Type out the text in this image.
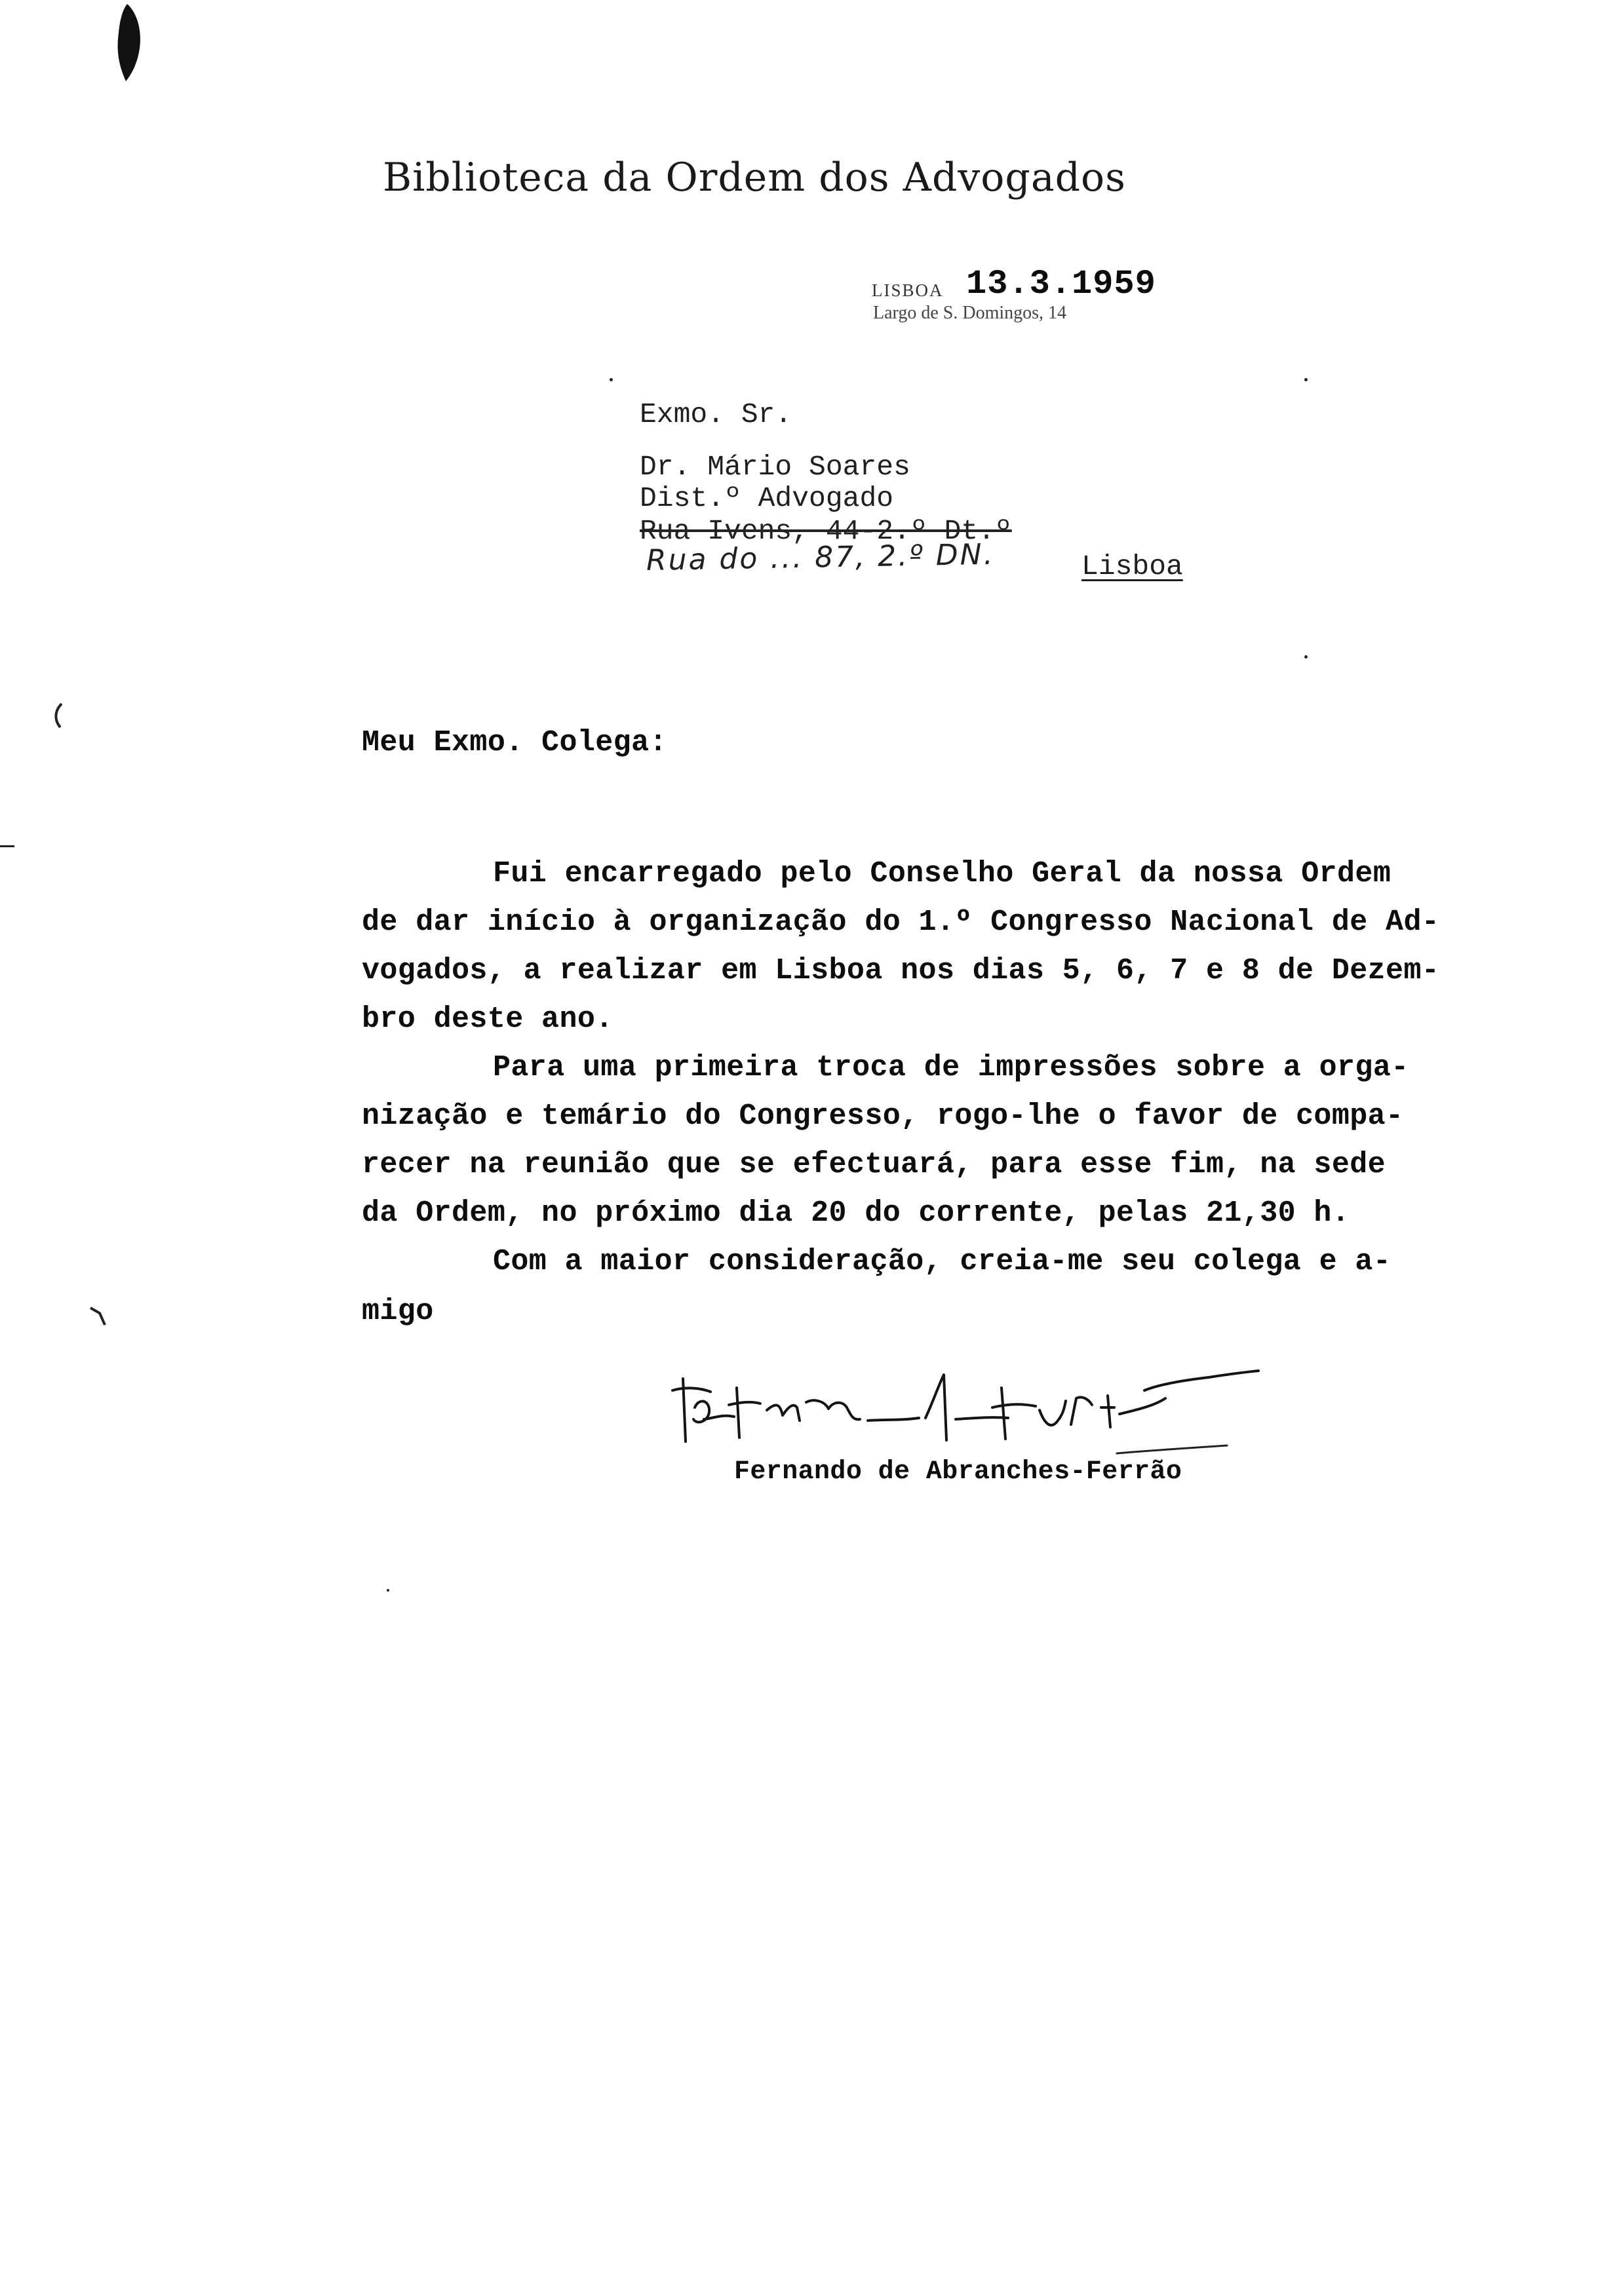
Biblioteca da Ordem dos Advogados
LISBOA 13.3.1959
Largo de S. Domingos, 14
Exmo. Sr.
Dr. Mário Soares
Dist.º Advogado
Rua Ivens, 44-2.º Dt.º
Rua do ... 87, 2.º DN.	Lisboa
Meu Exmo. Colega:
Fui encarregado pelo Conselho Geral da nossa Ordem
de dar início à organização do 1.º Congresso Nacional de Ad-
vogados, a realizar em Lisboa nos dias 5, 6, 7 e 8 de Dezem-
bro deste ano.
Para uma primeira troca de impressões sobre a orga-
nização e temário do Congresso, rogo-lhe o favor de compa-
recer na reunião que se efectuará, para esse fim, na sede
da Ordem, no próximo dia 20 do corrente, pelas 21,30 h.
Com a maior consideração, creia-me seu colega e a-
migo
Fernando de Abranches-Ferrão
